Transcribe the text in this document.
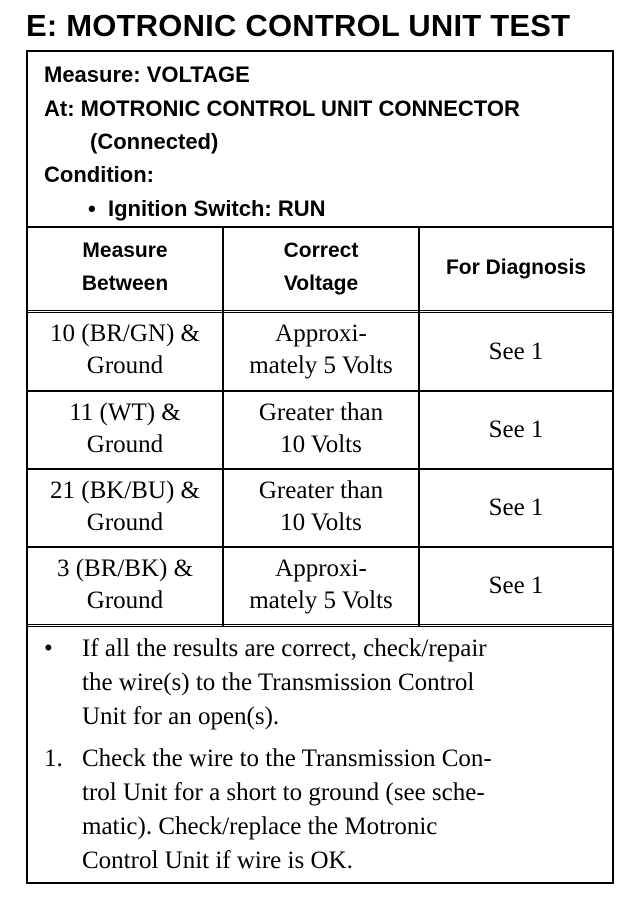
E: MOTRONIC CONTROL UNIT TEST
Measure: VOLTAGE
At: MOTRONIC CONTROL UNIT CONNECTOR
(Connected)
Condition:
• Ignition Switch: RUN
Measure
Between
Correct
Voltage
For Diagnosis
10 (BR/GN) &
Ground
Approxi-
mately 5 Volts
See 1
11 (WT) &
Ground
Greater than
10 Volts
See 1
21 (BK/BU) &
Ground
Greater than
10 Volts
See 1
3 (BR/BK) &
Ground
Approxi-
mately 5 Volts
See 1
• If all the results are correct, check/repair
the wire(s) to the Transmission Control
Unit for an open(s).
1. Check the wire to the Transmission Con-
trol Unit for a short to ground (see sche-
matic). Check/replace the Motronic
Control Unit if wire is OK.
